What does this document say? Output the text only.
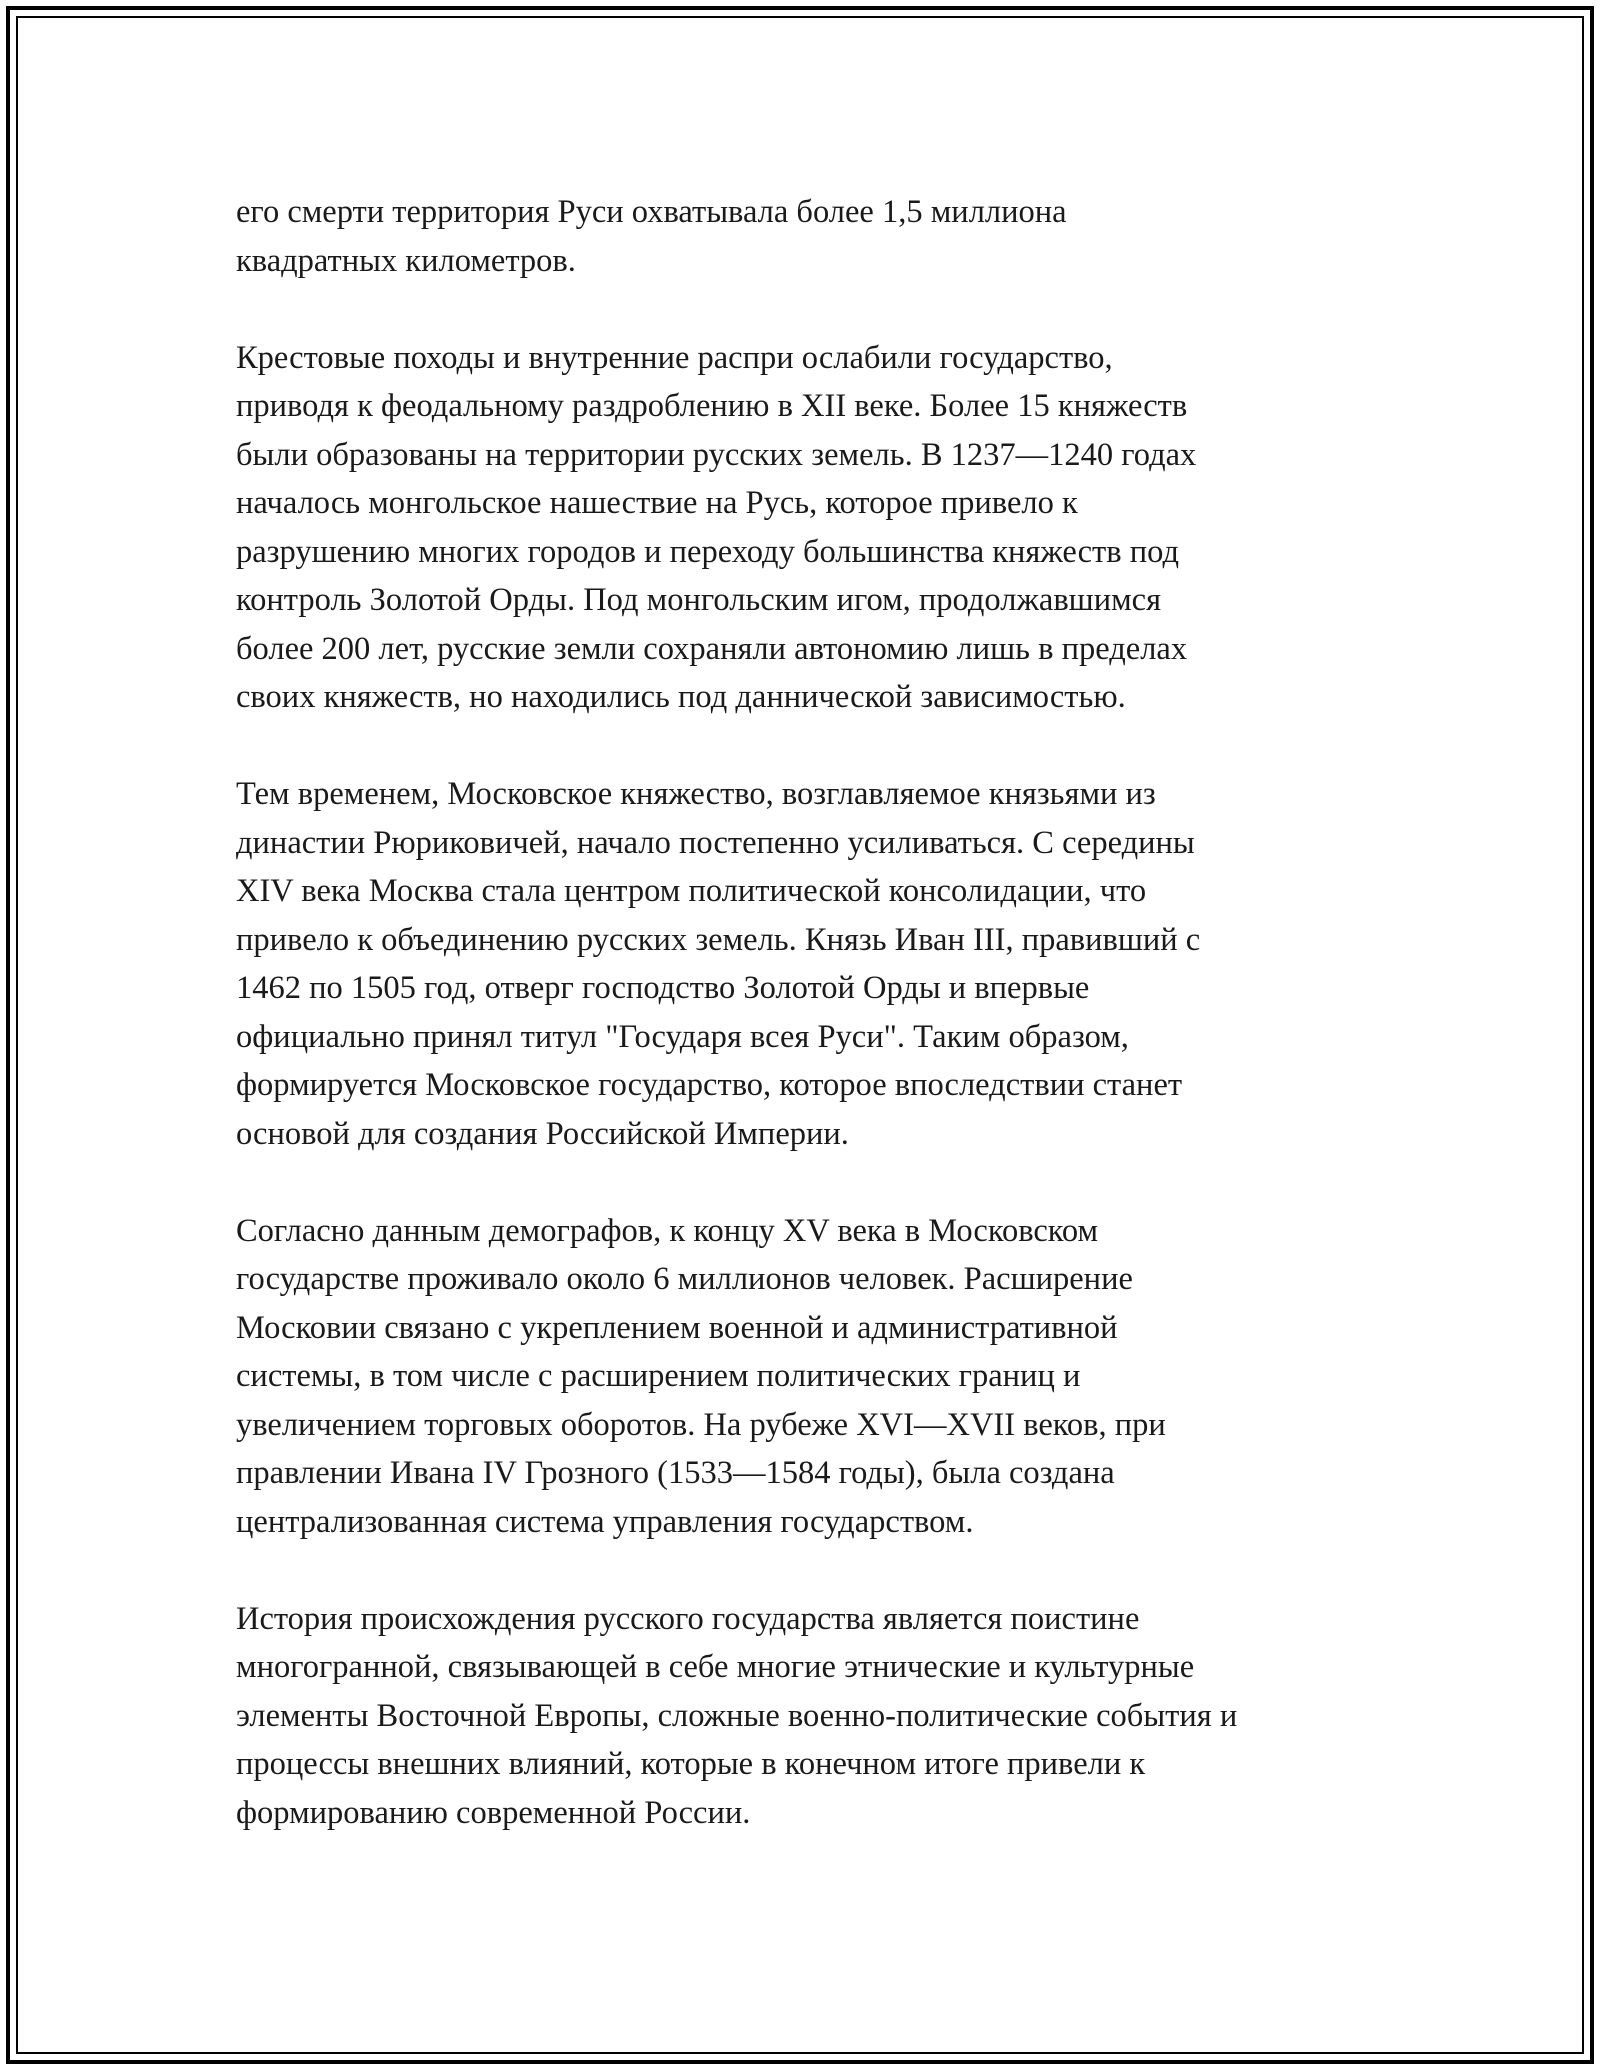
его смерти территория Руси охватывала более 1,5 миллиона
квадратных километров.

Крестовые походы и внутренние распри ослабили государство,
приводя к феодальному раздроблению в XII веке. Более 15 княжеств
были образованы на территории русских земель. В 1237—1240 годах
началось монгольское нашествие на Русь, которое привело к
разрушению многих городов и переходу большинства княжеств под
контроль Золотой Орды. Под монгольским игом, продолжавшимся
более 200 лет, русские земли сохраняли автономию лишь в пределах
своих княжеств, но находились под даннической зависимостью.

Тем временем, Московское княжество, возглавляемое князьями из
династии Рюриковичей, начало постепенно усиливаться. С середины
XIV века Москва стала центром политической консолидации, что
привело к объединению русских земель. Князь Иван III, правивший с
1462 по 1505 год, отверг господство Золотой Орды и впервые
официально принял титул "Государя всея Руси". Таким образом,
формируется Московское государство, которое впоследствии станет
основой для создания Российской Империи.

Согласно данным демографов, к концу XV века в Московском
государстве проживало около 6 миллионов человек. Расширение
Московии связано с укреплением военной и административной
системы, в том числе с расширением политических границ и
увеличением торговых оборотов. На рубеже XVI—XVII веков, при
правлении Ивана IV Грозного (1533—1584 годы), была создана
централизованная система управления государством.

История происхождения русского государства является поистине
многогранной, связывающей в себе многие этнические и культурные
элементы Восточной Европы, сложные военно-политические события и
процессы внешних влияний, которые в конечном итоге привели к
формированию современной России.
